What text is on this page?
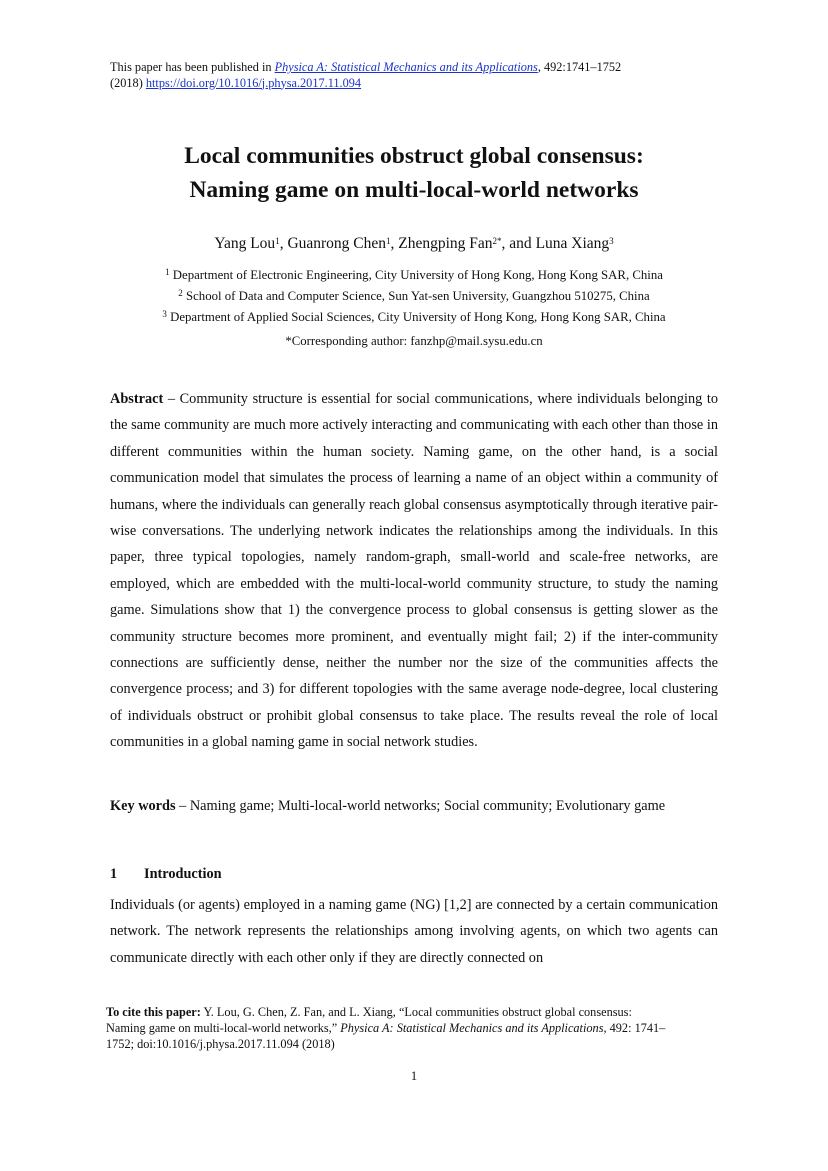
This paper has been published in Physica A: Statistical Mechanics and its Applications, 492:1741–1752
(2018) https://doi.org/10.1016/j.physa.2017.11.094
Local communities obstruct global consensus:
Naming game on multi-local-world networks
Yang Lou$^1$, Guanrong Chen$^1$, Zhengping Fan$^{2*}$, and Luna Xiang$^3$
$^1$ Department of Electronic Engineering, City University of Hong Kong, Hong Kong SAR, China
$^2$ School of Data and Computer Science, Sun Yat-sen University, Guangzhou 510275, China
$^3$ Department of Applied Social Sciences, City University of Hong Kong, Hong Kong SAR, China
*Corresponding author: fanzhp@mail.sysu.edu.cn
Abstract – Community structure is essential for social communications, where individuals belonging to the same community are much more actively interacting and communicating with each other than those in different communities within the human society. Naming game, on the other hand, is a social communication model that simulates the process of learning a name of an object within a community of humans, where the individuals can generally reach global consensus asymptotically through iterative pair-wise conversations. The underlying network indicates the relationships among the individuals. In this paper, three typical topologies, namely random-graph, small-world and scale-free networks, are employed, which are embedded with the multi-local-world community structure, to study the naming game. Simulations show that 1) the convergence process to global consensus is getting slower as the community structure becomes more prominent, and eventually might fail; 2) if the inter-community connections are sufficiently dense, neither the number nor the size of the communities affects the convergence process; and 3) for different topologies with the same average node-degree, local clustering of individuals obstruct or prohibit global consensus to take place. The results reveal the role of local communities in a global naming game in social network studies.
Key words – Naming game; Multi-local-world networks; Social community; Evolutionary game
1 Introduction
Individuals (or agents) employed in a naming game (NG) [1,2] are connected by a certain communication network. The network represents the relationships among involving agents, on which two agents can communicate directly with each other only if they are directly connected on
To cite this paper: Y. Lou, G. Chen, Z. Fan, and L. Xiang, “Local communities obstruct global consensus: Naming game on multi-local-world networks,” Physica A: Statistical Mechanics and its Applications, 492: 1741–1752; doi:10.1016/j.physa.2017.11.094 (2018)
1
